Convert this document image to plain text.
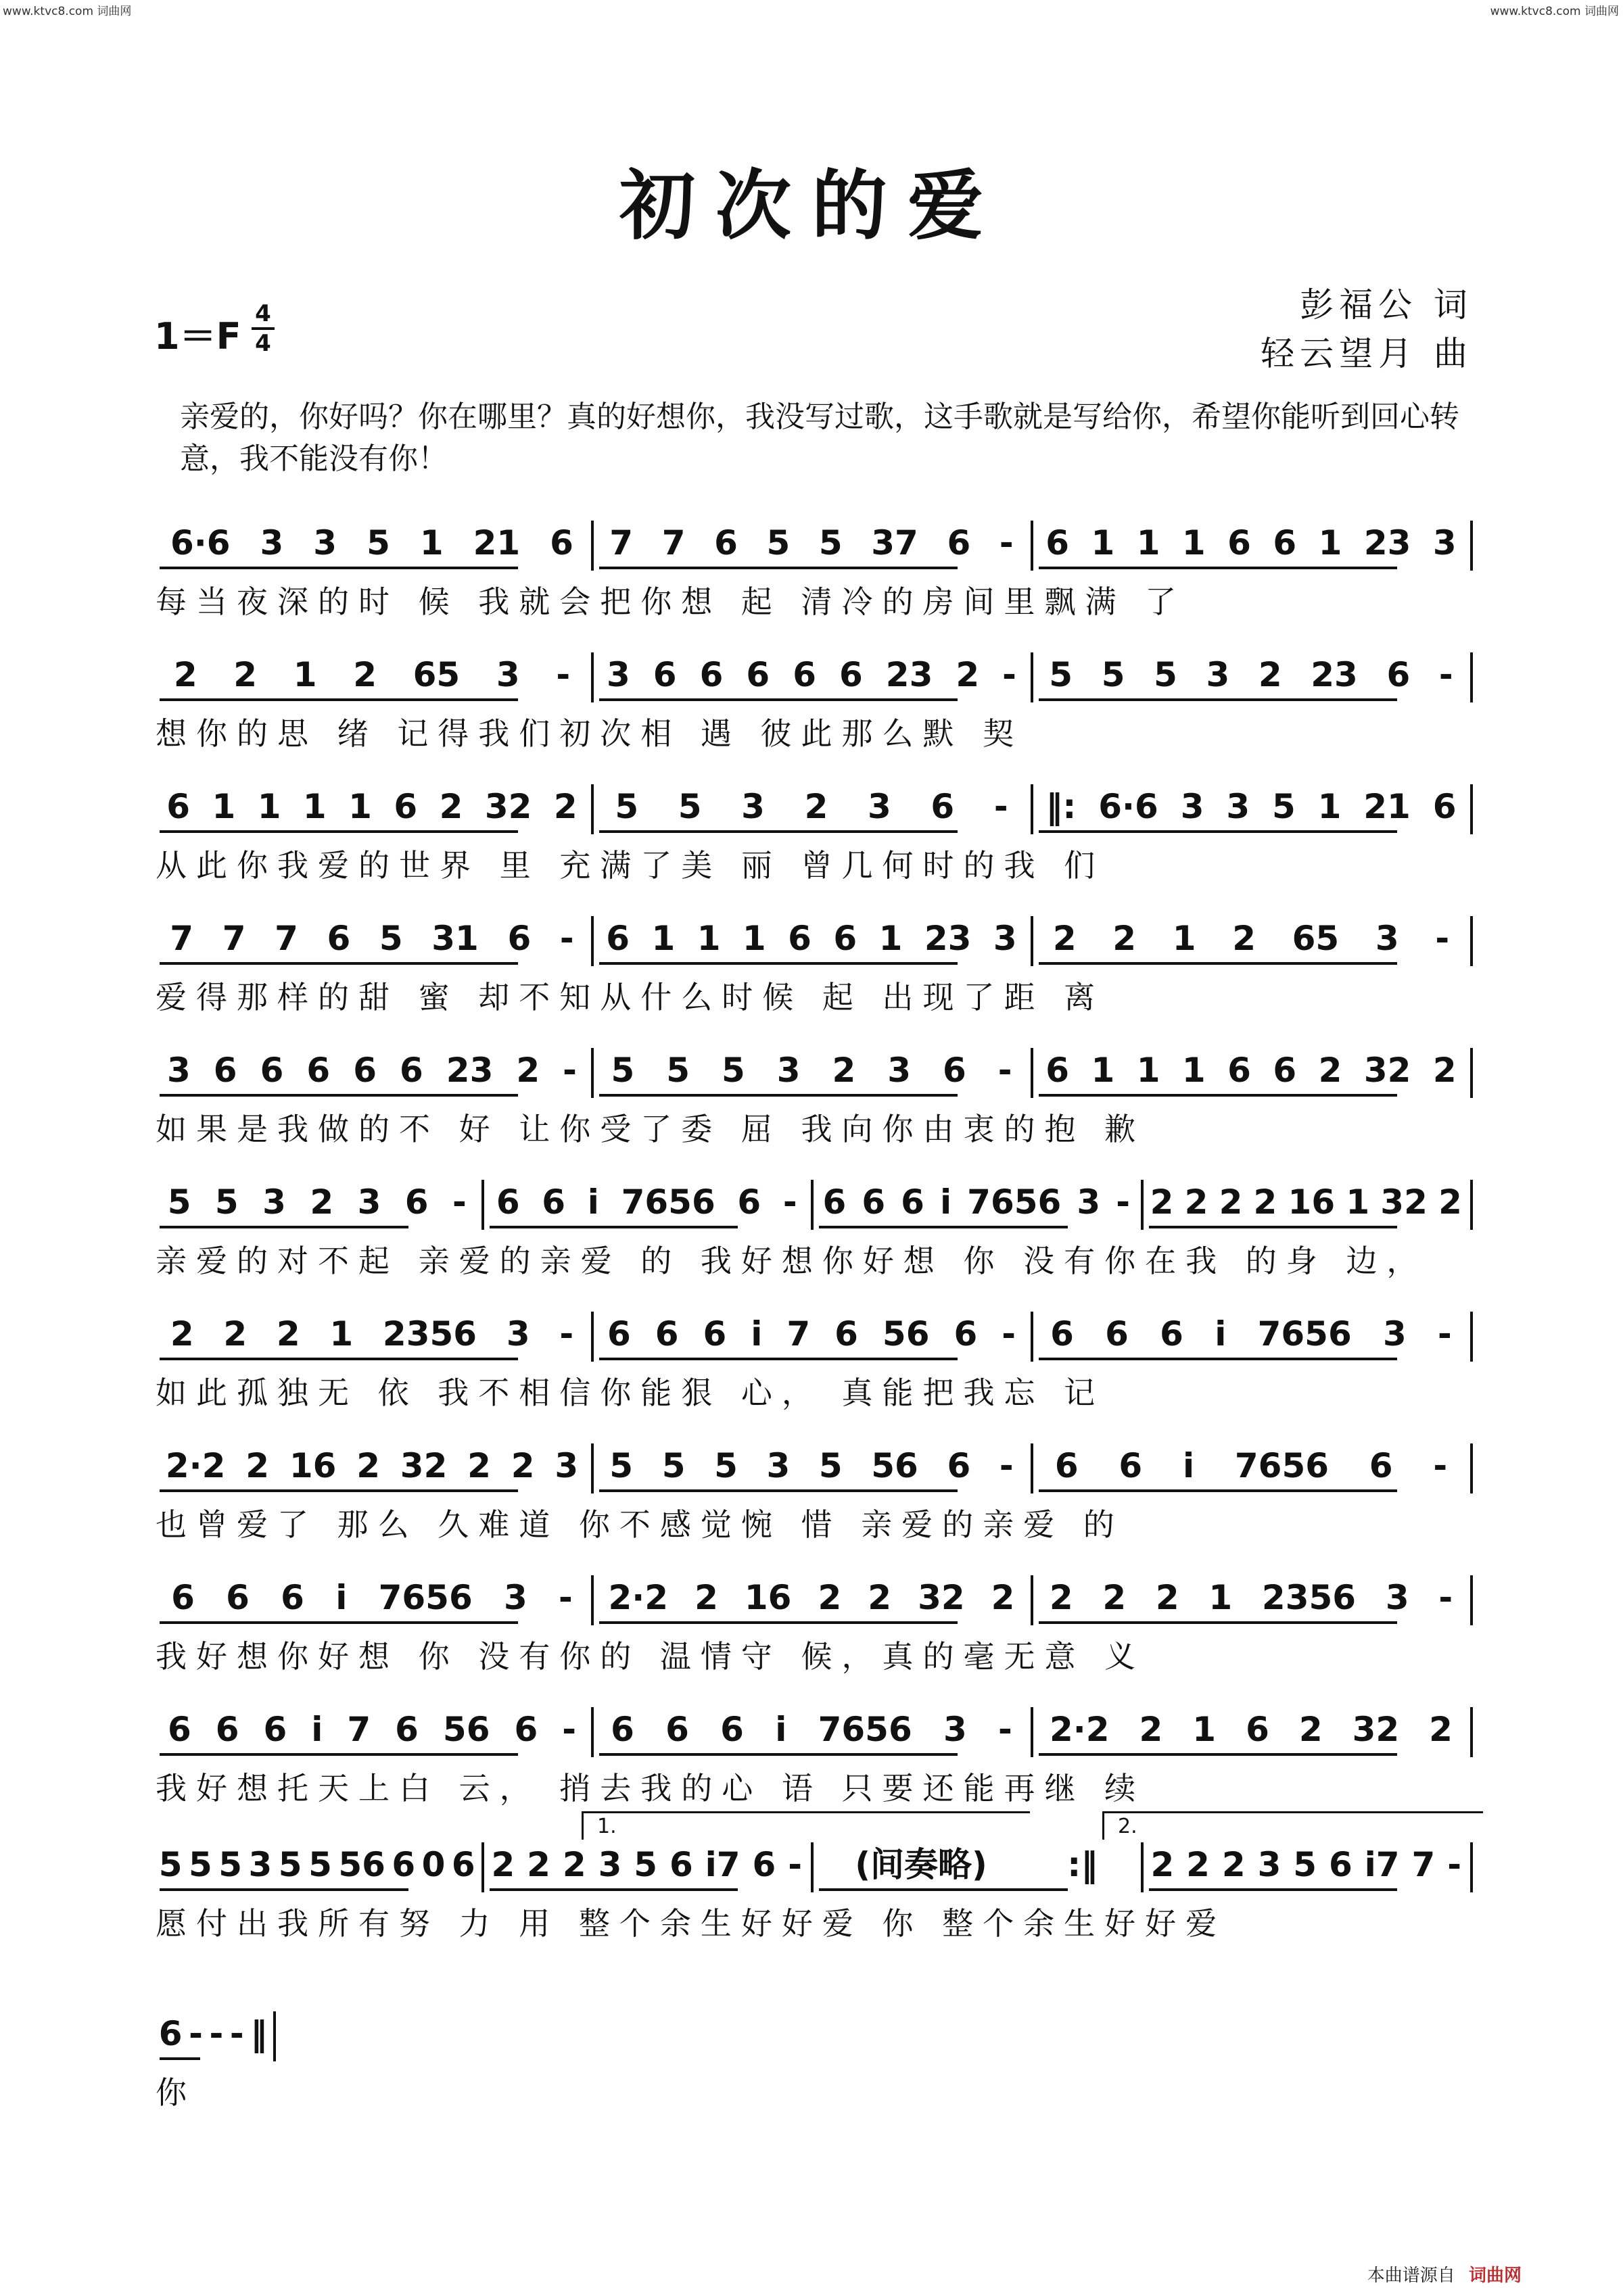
www.ktvc8.com 词曲网	www.ktvc8.com 词曲网
初次的爱
1＝F
4
4
彭福公 词
轻云望月 曲
亲爱的，你好吗？你在哪里？真的好想你，我没写过歌，这手歌就是写给你，希望你能听到回心转意，我不能没有你！
6·6 3 3 5 1 21 6 7 7 6 5 5 37 6 - 6 1 1 1 6 6 1 23 3
每当夜深的时 候 我就会把你想 起 清冷的房间里飘满 了
2 2 1 2 65 3 - 3 6 6 6 6 6 23 2 - 5 5 5 3 2 23 6 -
想你的思 绪 记得我们初次相 遇 彼此那么默 契
6 1 1 1 1 6 2 32 2 5 5 3 2 3 6 - ‖: 6·6 3 3 5 1 21 6
从此你我爱的世界 里 充满了美 丽 曾几何时的我 们
7 7 7 6 5 31 6 - 6 1 1 1 6 6 1 23 3 2 2 1 2 65 3 -
爱得那样的甜 蜜 却不知从什么时候 起 出现了距 离
3 6 6 6 6 6 23 2 - 5 5 5 3 2 3 6 - 6 1 1 1 6 6 2 32 2
如果是我做的不 好 让你受了委 屈 我向你由衷的抱 歉
5 5 3 2 3 6 - 6 6 i 7656 6 - 6 6 6 i 7656 3 - 2 2 2 2 16 1 32 2
亲爱的对不起 亲爱的亲爱 的 我好想你好想 你 没有你在我 的身 边，
2 2 2 1 2356 3 - 6 6 6 i 7 6 56 6 - 6 6 6 i 7656 3 -
如此孤独无 依 我不相信你能狠 心， 真能把我忘 记
2·2 2 16 2 32 2 2 3 5 5 5 3 5 56 6 - 6 6 i 7656 6 -
也曾爱了 那么 久难道 你不感觉惋 惜 亲爱的亲爱 的
6 6 6 i 7656 3 - 2·2 2 16 2 2 32 2 2 2 2 1 2356 3 -
我好想你好想 你 没有你的 温情守 候，真的毫无意 义
6 6 6 i 7 6 56 6 - 6 6 6 i 7656 3 - 2·2 2 1 6 2 32 2
我好想托天上白 云， 捎去我的心 语 只要还能再继 续
5 5 5 3 5 5 56 6 0 6 2 2 2 3 5 6 i7 6 - (间奏略) :‖ 2 2 2 3 5 6 i7 7 -
愿付出我所有努 力 用 整个余生好好爱 你 整个余生好好爱
1.	2.
6 - - - ‖
你
本曲谱源自 词曲网
